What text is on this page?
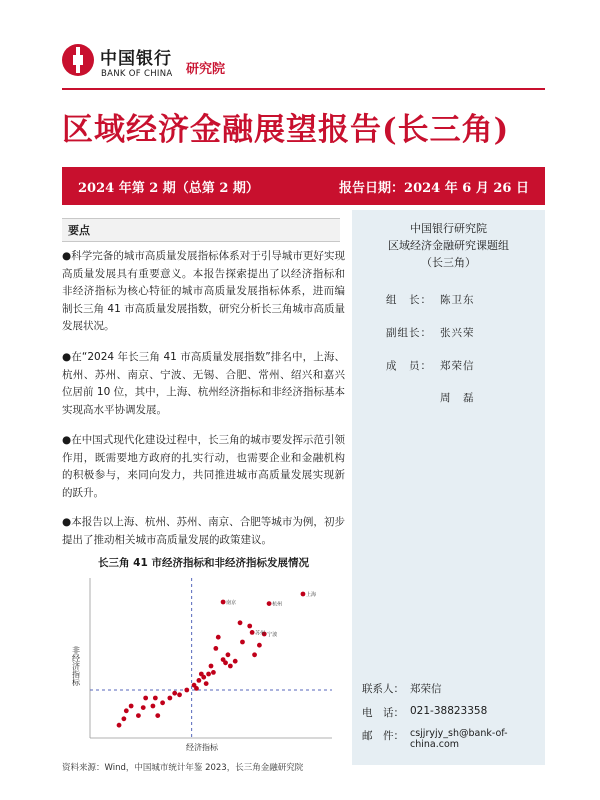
中国银行
BANK OF CHINA 研究院
区域经济金融展望报告(长三角)
2024 年第 2 期（总第 2 期）	报告日期：2024 年 6 月 26 日
要点
●科学完备的城市高质量发展指标体系对于引导城市更好实现高质量发展具有重要意义。本报告探索提出了以经济指标和非经济指标为核心特征的城市高质量发展指标体系，进而编制长三角 41 市高质量发展指数，研究分析长三角城市高质量发展状况。
●在“2024 年长三角 41 市高质量发展指数”排名中，上海、杭州、苏州、南京、宁波、无锡、合肥、常州、绍兴和嘉兴位居前 10 位，其中，上海、杭州经济指标和非经济指标基本实现高水平协调发展。
●在中国式现代化建设过程中，长三角的城市要发挥示范引领作用，既需要地方政府的扎实行动，也需要企业和金融机构的积极参与，来同向发力，共同推进城市高质量发展实现新的跃升。
●本报告以上海、杭州、苏州、南京、合肥等城市为例，初步提出了推动相关城市高质量发展的政策建议。
长三角 41 市经济指标和非经济指标发展情况
上海
杭州
苏州
南京
宁波
经济指标
非经济指标
资料来源：Wind，中国城市统计年鉴 2023，长三角金融研究院
中国银行研究院
区域经济金融研究课题组
（长三角）
组　长： 陈卫东
副组长： 张兴荣
成　员： 郑荣信
周　磊
联系人： 郑荣信
电　话： 021-38823358
邮　件： csjjryjy_sh@bank-of-china.com
